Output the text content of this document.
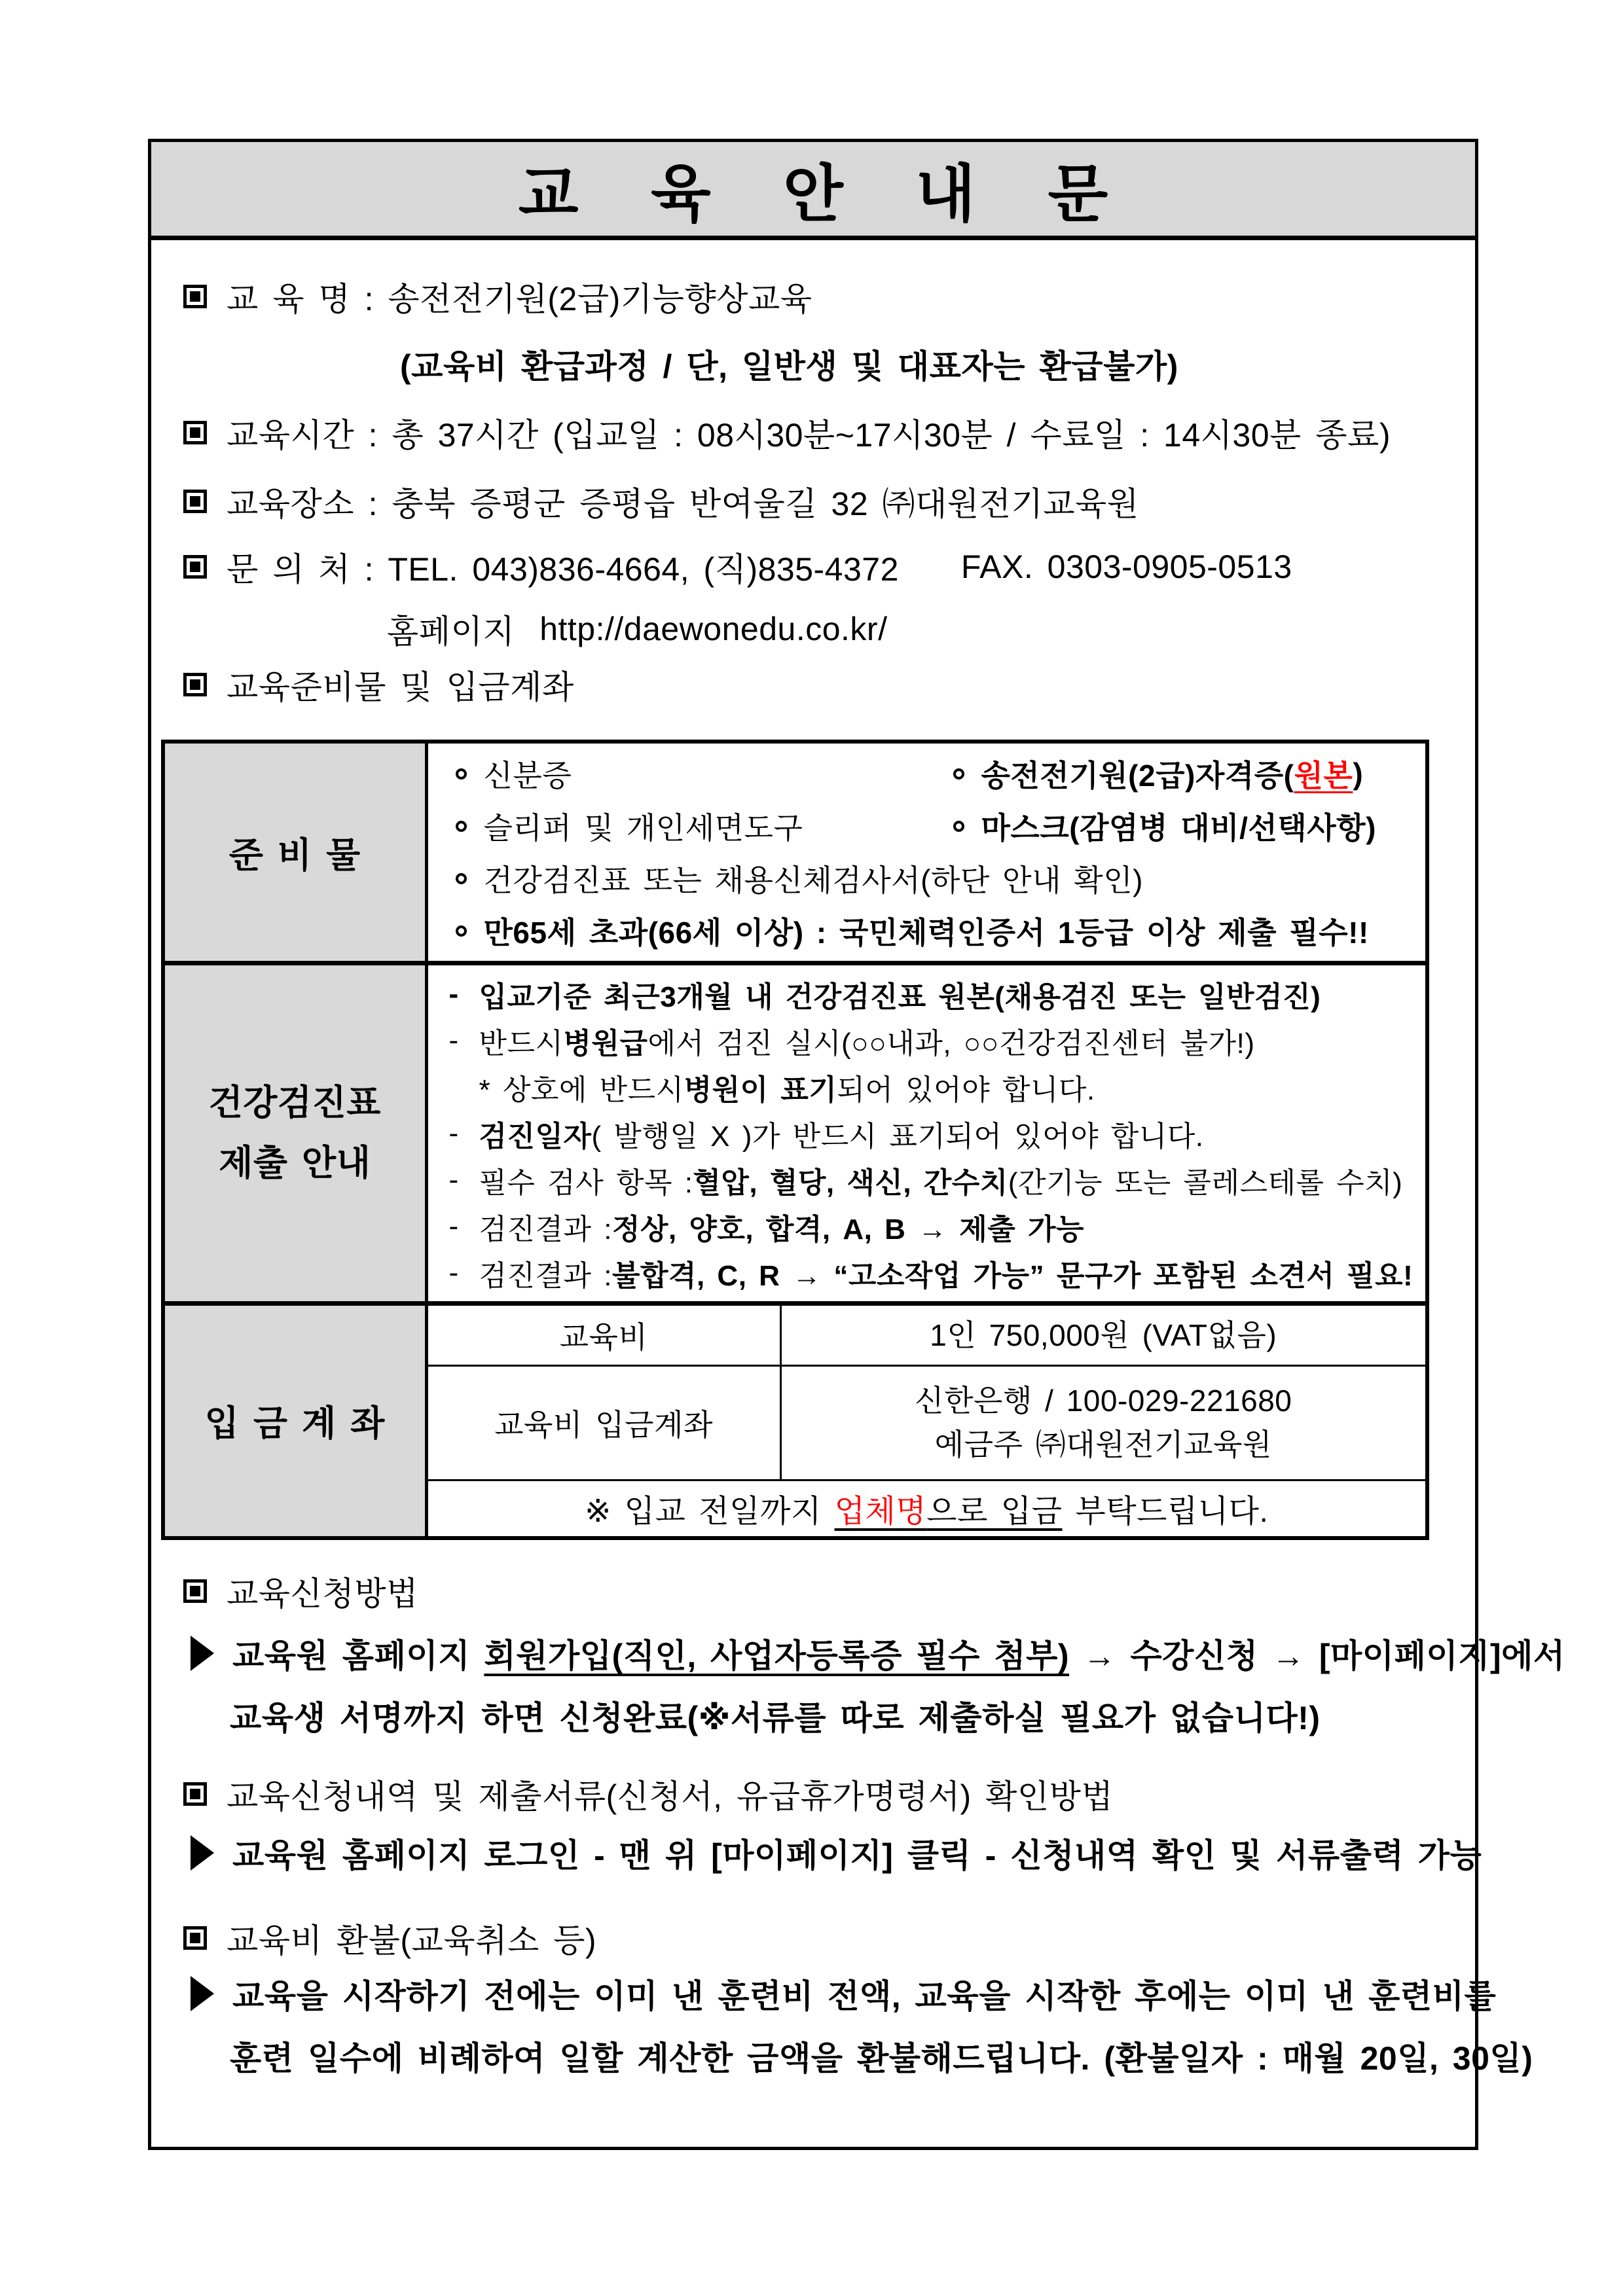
교 육 안 내 문
교 육 명 : 송전전기원(2급)기능향상교육
(교육비 환급과정 / 단, 일반생 및 대표자는 환급불가)
교육시간 : 총 37시간 (입교일 : 08시30분~17시30분 / 수료일 : 14시30분 종료)
교육장소 : 충북 증평군 증평읍 반여울길 32 ㈜대원전기교육원
문 의 처 : TEL. 043)836-4664, (직)835-4372 FAX. 0303-0905-0513
홈페이지 http://daewonedu.co.kr/
교육준비물 및 입금계좌
준 비 물	
신분증	송전전기원(2급)자격증( 원본 )
슬리퍼 및 개인세면도구	마스크(감염병 대비/선택사항)
건강검진표 또는 채용신체검사서(하단 안내 확인)
만65세 초과(66세 이상) : 국민체력인증서 1등급 이상 제출 필수!!

건강검진표
제출 안내

- 입교기준 최근3개월 내 건강검진표 원본(채용검진 또는 일반검진)
- 반드시 병원급 에서 검진 실시(○○내과, ○○건강검진센터 불가!)
* 상호에 반드시 병원이 표기 되어 있어야 합니다.
- 검진일자 ( 발행일 X )가 반드시 표기되어 있어야 합니다.
- 필수 검사 항목 : 혈압, 혈당, 색신, 간수치 (간기능 또는 콜레스테롤 수치)
- 검진결과 : 정상, 양호, 합격, A, B → 제출 가능
- 검진결과 : 불합격, C, R → “고소작업 가능” 문구가 포함된 소견서 필요!

입 금 계 좌	교육비	1인 750,000원 (VAT없음)
	교육비 입금계좌	신한은행 / 100-029-221680
예금주 ㈜대원전기교육원

	※ 입교 전일까지 업체명으로 입금 부탁드립니다.	
교육신청방법
교육원 홈페이지 회원가입(직인, 사업자등록증 필수 첨부) → 수강신청 → [마이페이지]에서
교육생 서명까지 하면 신청완료(※서류를 따로 제출하실 필요가 없습니다!)
교육신청내역 및 제출서류(신청서, 유급휴가명령서) 확인방법
교육원 홈페이지 로그인 - 맨 위 [마이페이지] 클릭 - 신청내역 확인 및 서류출력 가능
교육비 환불(교육취소 등)
교육을 시작하기 전에는 이미 낸 훈련비 전액, 교육을 시작한 후에는 이미 낸 훈련비를
훈련 일수에 비례하여 일할 계산한 금액을 환불해드립니다. (환불일자 : 매월 20일, 30일)
